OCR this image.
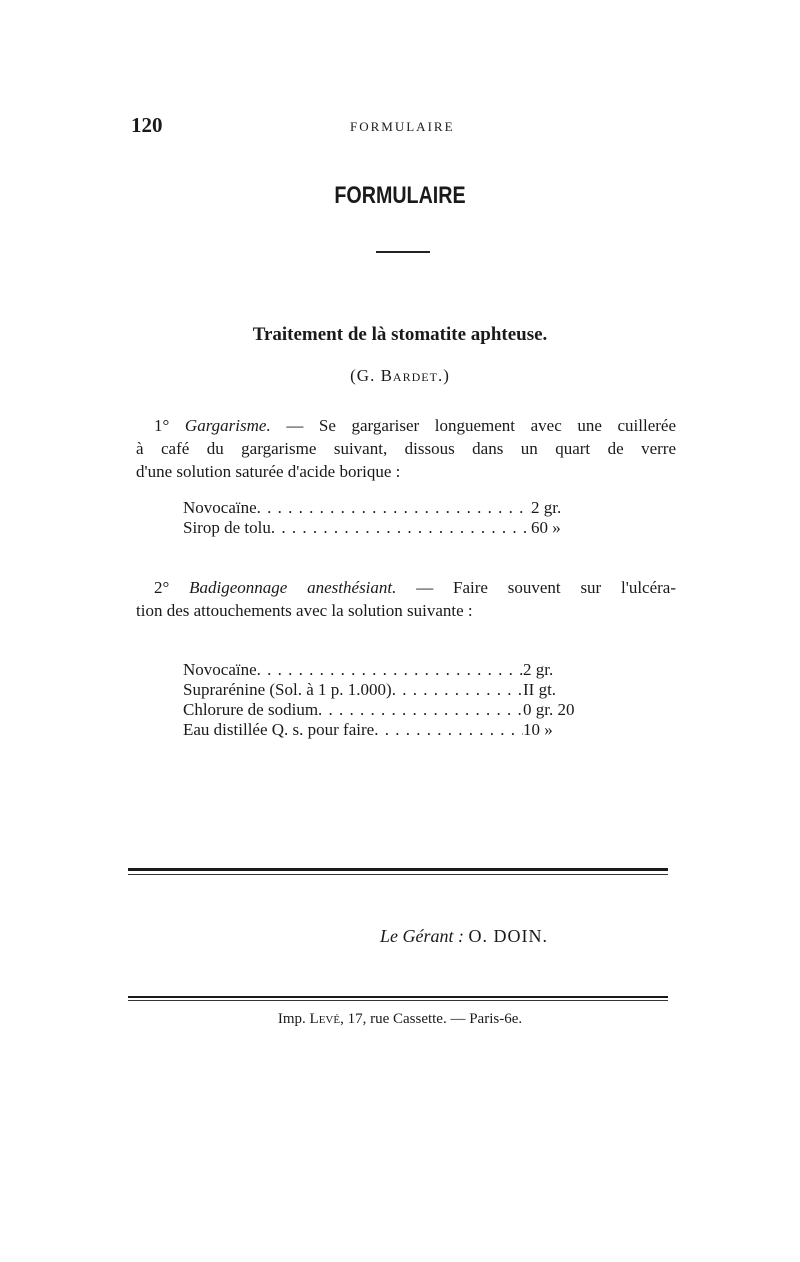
120	FORMULAIRE
FORMULAIRE
Traitement de là stomatite aphteuse.
(G. Bardet.)
1° Gargarisme. — Se gargariser longuement avec une cuillerée
à café du gargarisme suivant, dissous dans un quart de verre
d'une solution saturée d'acide borique :
Novocaïne . . .	2 gr.
Sirop de tolu . . .	60 »
2° Badigeonnage anesthésiant. — Faire souvent sur l'ulcéra-
tion des attouchements avec la solution suivante :
Novocaïne . . .	2 gr.
Suprarénine (Sol. à 1 p. 1.000) . . .	II gt.
Chlorure de sodium . . .	0 gr. 20
Eau distillée Q. s. pour faire . . .	10 »
Le Gérant : O. DOIN.
Imp. Levé, 17, rue Cassette. — Paris-6e.
